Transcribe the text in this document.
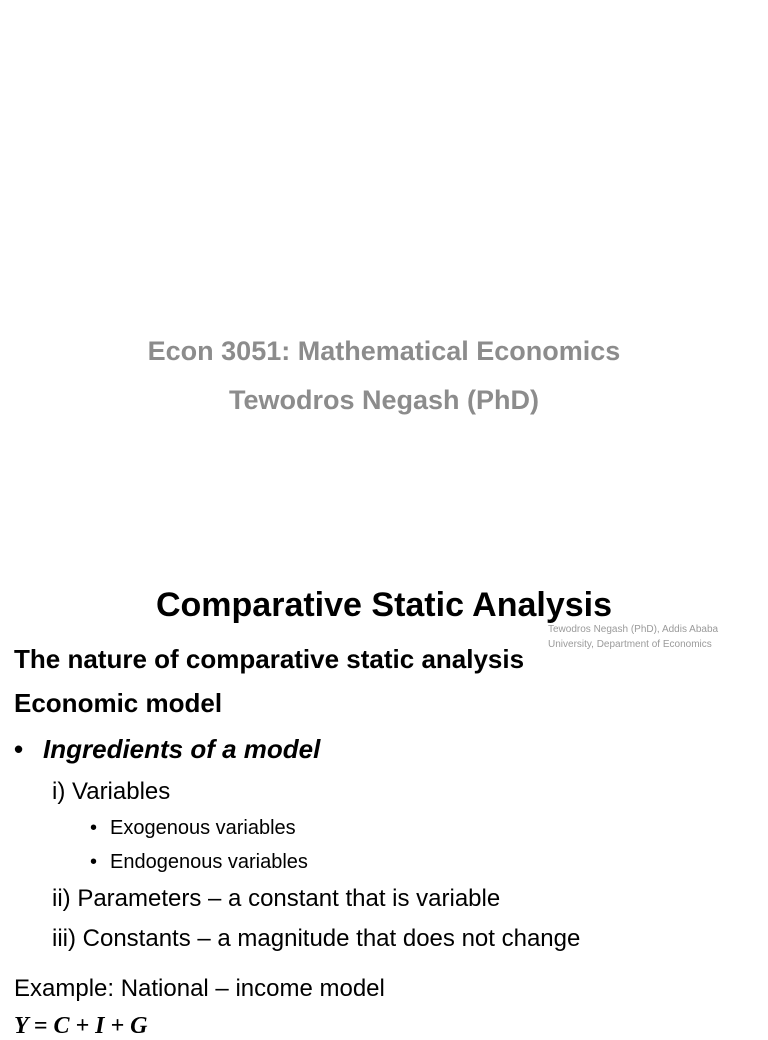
Econ 3051: Mathematical Economics
Tewodros Negash (PhD)
Comparative Static Analysis
Tewodros Negash (PhD), Addis Ababa
University, Department of Economics
The nature of comparative static analysis
Economic model
• Ingredients of a model
i) Variables
• Exogenous variables
• Endogenous variables
ii) Parameters – a constant that is variable
iii) Constants – a magnitude that does not change
Example: National – income model
Y = C + I + G
